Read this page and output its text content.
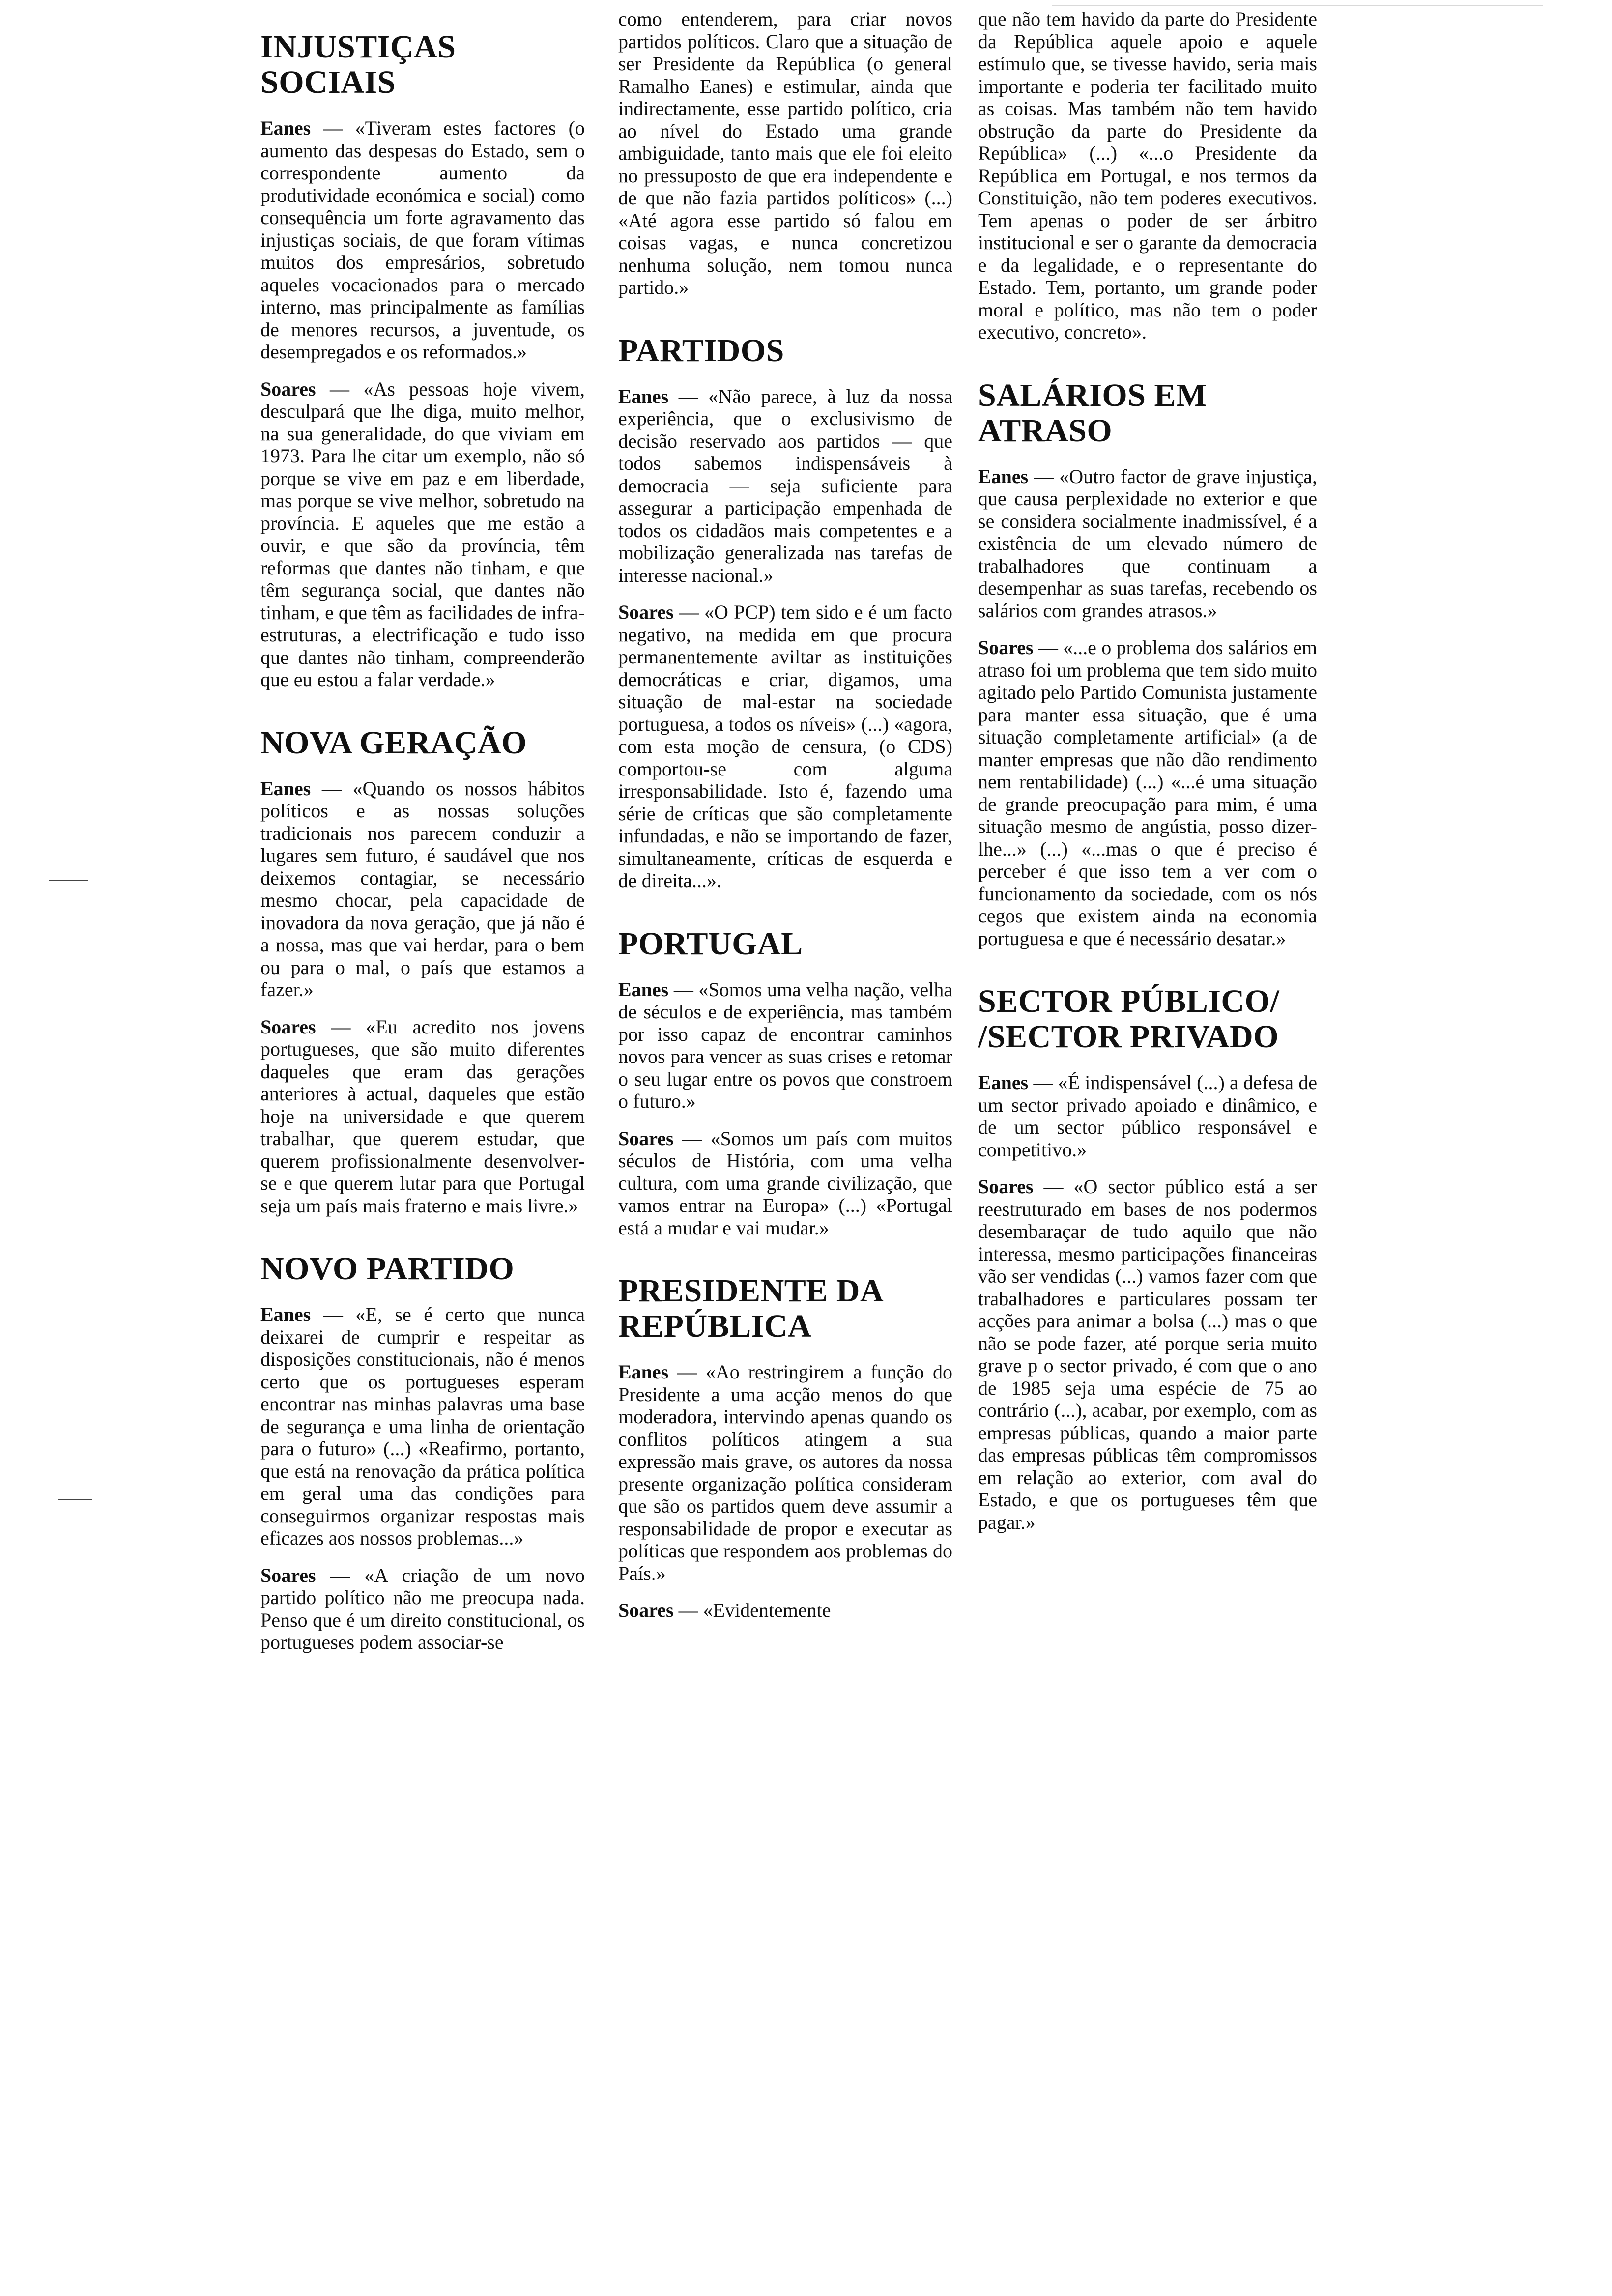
INJUSTIÇAS SOCIAIS

Eanes — «Tiveram estes factores (o aumento das despesas do Estado, sem o correspondente aumento da produtividade económica e social) como consequência um forte agravamento das injustiças sociais, de que foram vítimas muitos dos empresários, sobretudo aqueles vocacionados para o mercado interno, mas principalmente as famílias de menores recursos, a juventude, os desempregados e os reformados.»

Soares — «As pessoas hoje vivem, desculpará que lhe diga, muito melhor, na sua generalidade, do que viviam em 1973. Para lhe citar um exemplo, não só porque se vive em paz e em liberdade, mas porque se vive melhor, sobretudo na província. E aqueles que me estão a ouvir, e que são da província, têm reformas que dantes não tinham, e que têm segurança social, que dantes não tinham, e que têm as facilidades de infra-estruturas, a electrificação e tudo isso que dantes não tinham, compreenderão que eu estou a falar verdade.»

NOVA GERAÇÃO

Eanes — «Quando os nossos hábitos políticos e as nossas soluções tradicionais nos parecem conduzir a lugares sem futuro, é saudável que nos deixemos contagiar, se necessário mesmo chocar, pela capacidade de inovadora da nova geração, que já não é a nossa, mas que vai herdar, para o bem ou para o mal, o país que estamos a fazer.»

Soares — «Eu acredito nos jovens portugueses, que são muito diferentes daqueles que eram das gerações anteriores à actual, daqueles que estão hoje na universidade e que querem trabalhar, que querem estudar, que querem profissionalmente desenvolver-se e que querem lutar para que Portugal seja um país mais fraterno e mais livre.»

NOVO PARTIDO

Eanes — «E, se é certo que nunca deixarei de cumprir e respeitar as disposições constitucionais, não é menos certo que os portugueses esperam encontrar nas minhas palavras uma base de segurança e uma linha de orientação para o futuro» (...) «Reafirmo, portanto, que está na renovação da prática política em geral uma das condições para conseguirmos organizar respostas mais eficazes aos nossos problemas...»

Soares — «A criação de um novo partido político não me preocupa nada. Penso que é um direito constitucional, os portugueses podem associar-se

como entenderem, para criar novos partidos políticos. Claro que a situação de ser Presidente da República (o general Ramalho Eanes) e estimular, ainda que indirectamente, esse partido político, cria ao nível do Estado uma grande ambiguidade, tanto mais que ele foi eleito no pressuposto de que era independente e de que não fazia partidos políticos» (...) «Até agora esse partido só falou em coisas vagas, e nunca concretizou nenhuma solução, nem tomou nunca partido.»

PARTIDOS

Eanes — «Não parece, à luz da nossa experiência, que o exclusivismo de decisão reservado aos partidos — que todos sabemos indispensáveis à democracia — seja suficiente para assegurar a participação empenhada de todos os cidadãos mais competentes e a mobilização generalizada nas tarefas de interesse nacional.»

Soares — «O PCP) tem sido e é um facto negativo, na medida em que procura permanentemente aviltar as instituições democráticas e criar, digamos, uma situação de mal-estar na sociedade portuguesa, a todos os níveis» (...) «agora, com esta moção de censura, (o CDS) comportou-se com alguma irresponsabilidade. Isto é, fazendo uma série de críticas que são completamente infundadas, e não se importando de fazer, simultaneamente, críticas de esquerda e de direita...».

PORTUGAL

Eanes — «Somos uma velha nação, velha de séculos e de experiência, mas também por isso capaz de encontrar caminhos novos para vencer as suas crises e retomar o seu lugar entre os povos que constroem o futuro.»

Soares — «Somos um país com muitos séculos de História, com uma velha cultura, com uma grande civilização, que vamos entrar na Europa» (...) «Portugal está a mudar e vai mudar.»

PRESIDENTE DA REPÚBLICA

Eanes — «Ao restringirem a função do Presidente a uma acção menos do que moderadora, intervindo apenas quando os conflitos políticos atingem a sua expressão mais grave, os autores da nossa presente organização política consideram que são os partidos quem deve assumir a responsabilidade de propor e executar as políticas que respondem aos problemas do País.»

Soares — «Evidentemente

que não tem havido da parte do Presidente da República aquele apoio e aquele estímulo que, se tivesse havido, seria mais importante e poderia ter facilitado muito as coisas. Mas também não tem havido obstrução da parte do Presidente da República» (...) «...o Presidente da República em Portugal, e nos termos da Constituição, não tem poderes executivos. Tem apenas o poder de ser árbitro institucional e ser o garante da democracia e da legalidade, e o representante do Estado. Tem, portanto, um grande poder moral e político, mas não tem o poder executivo, concreto».

SALÁRIOS EM ATRASO

Eanes — «Outro factor de grave injustiça, que causa perplexidade no exterior e que se considera socialmente inadmissível, é a existência de um elevado número de trabalhadores que continuam a desempenhar as suas tarefas, recebendo os salários com grandes atrasos.»

Soares — «...e o problema dos salários em atraso foi um problema que tem sido muito agitado pelo Partido Comunista justamente para manter essa situação, que é uma situação completamente artificial» (a de manter empresas que não dão rendimento nem rentabilidade) (...) «...é uma situação de grande preocupação para mim, é uma situação mesmo de angústia, posso dizer-lhe...» (...) «...mas o que é preciso é perceber é que isso tem a ver com o funcionamento da sociedade, com os nós cegos que existem ainda na economia portuguesa e que é necessário desatar.»

SECTOR PÚBLICO/ /SECTOR PRIVADO

Eanes — «É indispensável (...) a defesa de um sector privado apoiado e dinâmico, e de um sector público responsável e competitivo.»

Soares — «O sector público está a ser reestruturado em bases de nos podermos desembaraçar de tudo aquilo que não interessa, mesmo participações financeiras vão ser vendidas (...) vamos fazer com que trabalhadores e particulares possam ter acções para animar a bolsa (...) mas o que não se pode fazer, até porque seria muito grave p o sector privado, é com que o ano de 1985 seja uma espécie de 75 ao contrário (...), acabar, por exemplo, com as empresas públicas, quando a maior parte das empresas públicas têm compromissos em relação ao exterior, com aval do Estado, e que os portugueses têm que pagar.»
